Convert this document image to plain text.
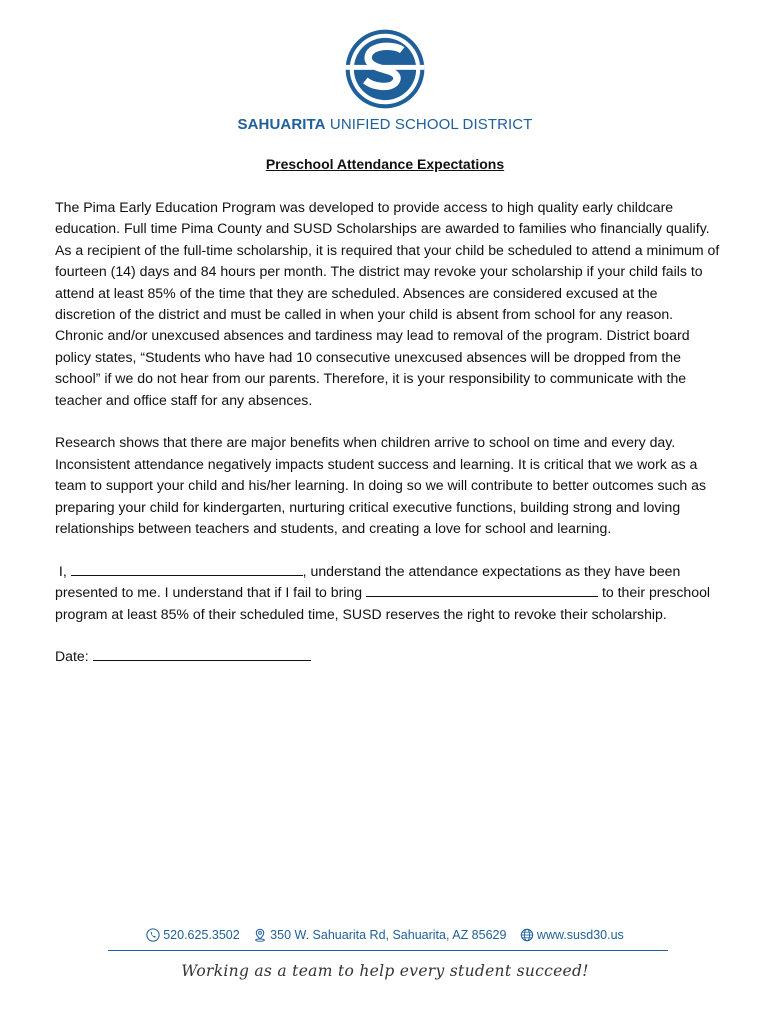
SAHUARITA UNIFIED SCHOOL DISTRICT
Preschool Attendance Expectations

The Pima Early Education Program was developed to provide access to high quality early childcare education. Full time Pima County and SUSD Scholarships are awarded to families who financially qualify. As a recipient of the full-time scholarship, it is required that your child be scheduled to attend a minimum of fourteen (14) days and 84 hours per month. The district may revoke your scholarship if your child fails to attend at least 85% of the time that they are scheduled. Absences are considered excused at the discretion of the district and must be called in when your child is absent from school for any reason. Chronic and/or unexcused absences and tardiness may lead to removal of the program. District board policy states, “Students who have had 10 consecutive unexcused absences will be dropped from the school” if we do not hear from our parents. Therefore, it is your responsibility to communicate with the teacher and office staff for any absences.

Research shows that there are major benefits when children arrive to school on time and every day. Inconsistent attendance negatively impacts student success and learning. It is critical that we work as a team to support your child and his/her learning. In doing so we will contribute to better outcomes such as preparing your child for kindergarten, nurturing critical executive functions, building strong and loving relationships between teachers and students, and creating a love for school and learning.

I,	, understand the attendance expectations as they have been presented to me. I understand that if I fail to bring	to their preschool program at least 85% of their scheduled time, SUSD reserves the right to revoke their scholarship.

Date:

520.625.3502
350 W. Sahuarita Rd, Sahuarita, AZ 85629
www.susd30.us
Working as a team to help every student succeed!
